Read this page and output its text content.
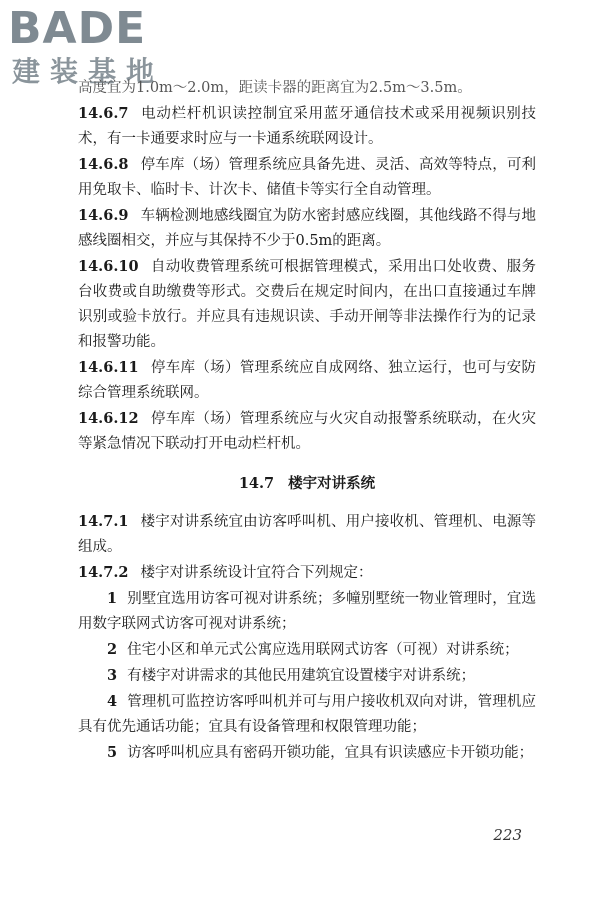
BADE
建装基地

高度宜为1.0m～2.0m，距读卡器的距离宜为2.5m～3.5m。

14.6.7 电动栏杆机识读控制宜采用蓝牙通信技术或采用视频识别技术，有一卡通要求时应与一卡通系统联网设计。

14.6.8 停车库（场）管理系统应具备先进、灵活、高效等特点，可利用免取卡、临时卡、计次卡、储值卡等实行全自动管理。

14.6.9 车辆检测地感线圈宜为防水密封感应线圈，其他线路不得与地感线圈相交，并应与其保持不少于0.5m的距离。

14.6.10 自动收费管理系统可根据管理模式，采用出口处收费、服务台收费或自助缴费等形式。交费后在规定时间内，在出口直接通过车牌识别或验卡放行。并应具有违规识读、手动开闸等非法操作行为的记录和报警功能。

14.6.11 停车库（场）管理系统应自成网络、独立运行，也可与安防综合管理系统联网。

14.6.12 停车库（场）管理系统应与火灾自动报警系统联动，在火灾等紧急情况下联动打开电动栏杆机。

14.7 楼宇对讲系统

14.7.1 楼宇对讲系统宜由访客呼叫机、用户接收机、管理机、电源等组成。

14.7.2 楼宇对讲系统设计宜符合下列规定：

1 别墅宜选用访客可视对讲系统；多幢别墅统一物业管理时，宜选用数字联网式访客可视对讲系统；

2 住宅小区和单元式公寓应选用联网式访客（可视）对讲系统；

3 有楼宇对讲需求的其他民用建筑宜设置楼宇对讲系统；

4 管理机可监控访客呼叫机并可与用户接收机双向对讲，管理机应具有优先通话功能；宜具有设备管理和权限管理功能；

5 访客呼叫机应具有密码开锁功能，宜具有识读感应卡开锁功能；

223
